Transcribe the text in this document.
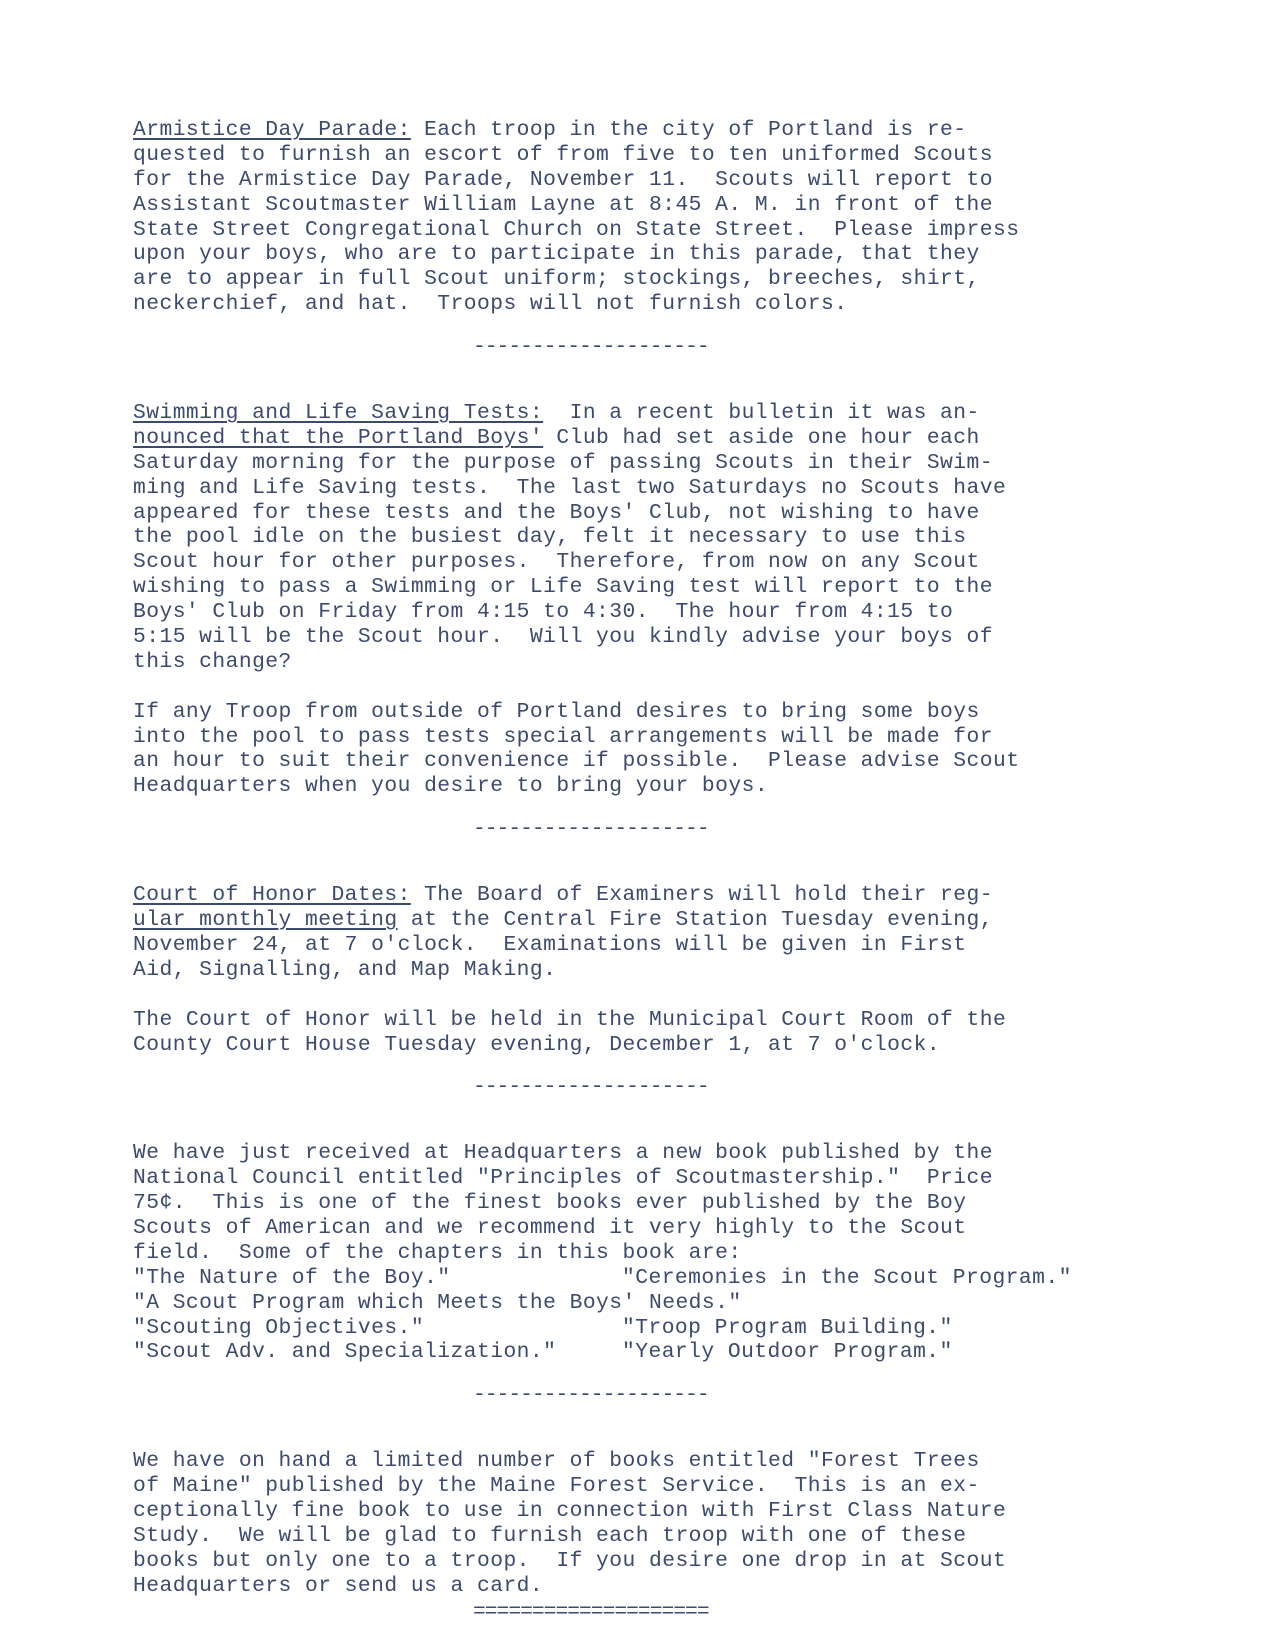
Armistice Day Parade: Each troop in the city of Portland is re-
quested to furnish an escort of from five to ten uniformed Scouts
for the Armistice Day Parade, November 11.  Scouts will report to
Assistant Scoutmaster William Layne at 8:45 A. M. in front of the
State Street Congregational Church on State Street.  Please impress
upon your boys, who are to participate in this parade, that they
are to appear in full Scout uniform; stockings, breeches, shirt,
neckerchief, and hat.  Troops will not furnish colors.
--------------------
Swimming and Life Saving Tests:  In a recent bulletin it was an-
nounced that the Portland Boys' Club had set aside one hour each
Saturday morning for the purpose of passing Scouts in their Swim-
ming and Life Saving tests.  The last two Saturdays no Scouts have
appeared for these tests and the Boys' Club, not wishing to have
the pool idle on the busiest day, felt it necessary to use this
Scout hour for other purposes.  Therefore, from now on any Scout
wishing to pass a Swimming or Life Saving test will report to the
Boys' Club on Friday from 4:15 to 4:30.  The hour from 4:15 to
5:15 will be the Scout hour.  Will you kindly advise your boys of
this change?
If any Troop from outside of Portland desires to bring some boys
into the pool to pass tests special arrangements will be made for
an hour to suit their convenience if possible.  Please advise Scout
Headquarters when you desire to bring your boys.
--------------------
Court of Honor Dates: The Board of Examiners will hold their reg-
ular monthly meeting at the Central Fire Station Tuesday evening,
November 24, at 7 o'clock.  Examinations will be given in First
Aid, Signalling, and Map Making.
The Court of Honor will be held in the Municipal Court Room of the
County Court House Tuesday evening, December 1, at 7 o'clock.
--------------------
We have just received at Headquarters a new book published by the
National Council entitled "Principles of Scoutmastership."  Price
75¢.  This is one of the finest books ever published by the Boy
Scouts of American and we recommend it very highly to the Scout
field.  Some of the chapters in this book are:
"The Nature of the Boy."	"Ceremonies in the Scout Program."
"A Scout Program which Meets the Boys' Needs."
"Scouting Objectives."	"Troop Program Building."
"Scout Adv. and Specialization."	"Yearly Outdoor Program."
--------------------
We have on hand a limited number of books entitled "Forest Trees
of Maine" published by the Maine Forest Service.  This is an ex-
ceptionally fine book to use in connection with First Class Nature
Study.  We will be glad to furnish each troop with one of these
books but only one to a troop.  If you desire one drop in at Scout
Headquarters or send us a card.
====================
